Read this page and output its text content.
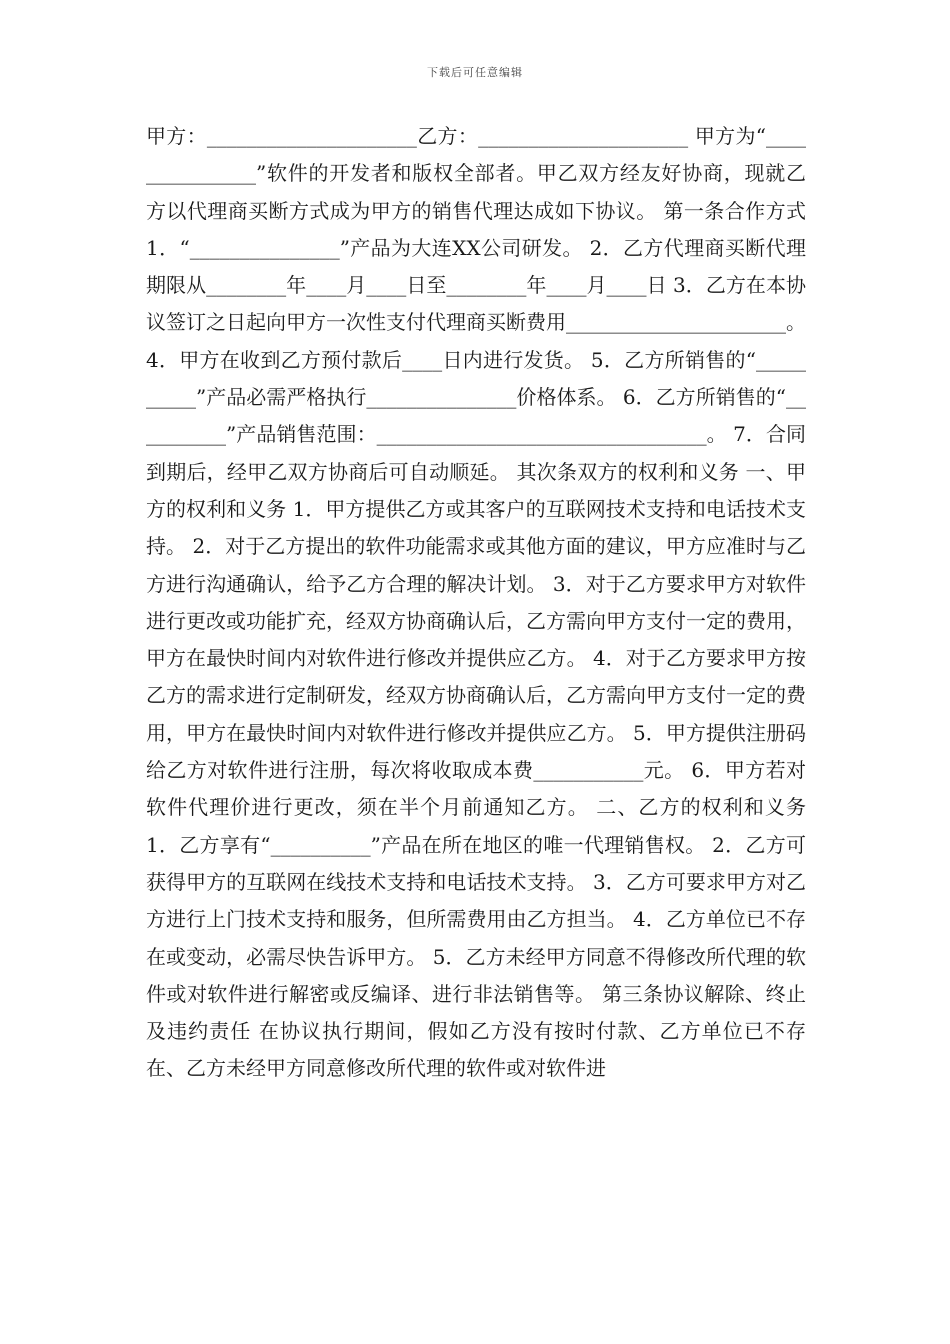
下载后可任意编辑

甲方：_____________________乙方：_____________________ 甲方为“_______________”软件的开发者和版权全部者。甲乙双方经友好协商，现就乙方以代理商买断方式成为甲方的销售代理达成如下协议。 第一条合作方式 1．“_______________”产品为大连XX公司研发。 2．乙方代理商买断代理期限从________年____月____日至________年____月____日 3．乙方在本协议签订之日起向甲方一次性支付代理商买断费用______________________。 4．甲方在收到乙方预付款后____日内进行发货。 5．乙方所销售的“__________”产品必需严格执行_______________价格体系。 6．乙方所销售的“__________”产品销售范围：_________________________________。 7．合同到期后，经甲乙双方协商后可自动顺延。 其次条双方的权利和义务 一、甲方的权利和义务 1．甲方提供乙方或其客户的互联网技术支持和电话技术支持。 2．对于乙方提出的软件功能需求或其他方面的建议，甲方应准时与乙方进行沟通确认，给予乙方合理的解决计划。 3．对于乙方要求甲方对软件进行更改或功能扩充，经双方协商确认后，乙方需向甲方支付一定的费用，甲方在最快时间内对软件进行修改并提供应乙方。 4．对于乙方要求甲方按乙方的需求进行定制研发，经双方协商确认后，乙方需向甲方支付一定的费用，甲方在最快时间内对软件进行修改并提供应乙方。 5．甲方提供注册码给乙方对软件进行注册，每次将收取成本费___________元。 6．甲方若对软件代理价进行更改，须在半个月前通知乙方。 二、乙方的权利和义务 1．乙方享有“__________”产品在所在地区的唯一代理销售权。 2．乙方可获得甲方的互联网在线技术支持和电话技术支持。 3．乙方可要求甲方对乙方进行上门技术支持和服务，但所需费用由乙方担当。 4．乙方单位已不存在或变动，必需尽快告诉甲方。 5．乙方未经甲方同意不得修改所代理的软件或对软件进行解密或反编译、进行非法销售等。 第三条协议解除、终止及违约责任 在协议执行期间，假如乙方没有按时付款、乙方单位已不存在、乙方未经甲方同意修改所代理的软件或对软件进
